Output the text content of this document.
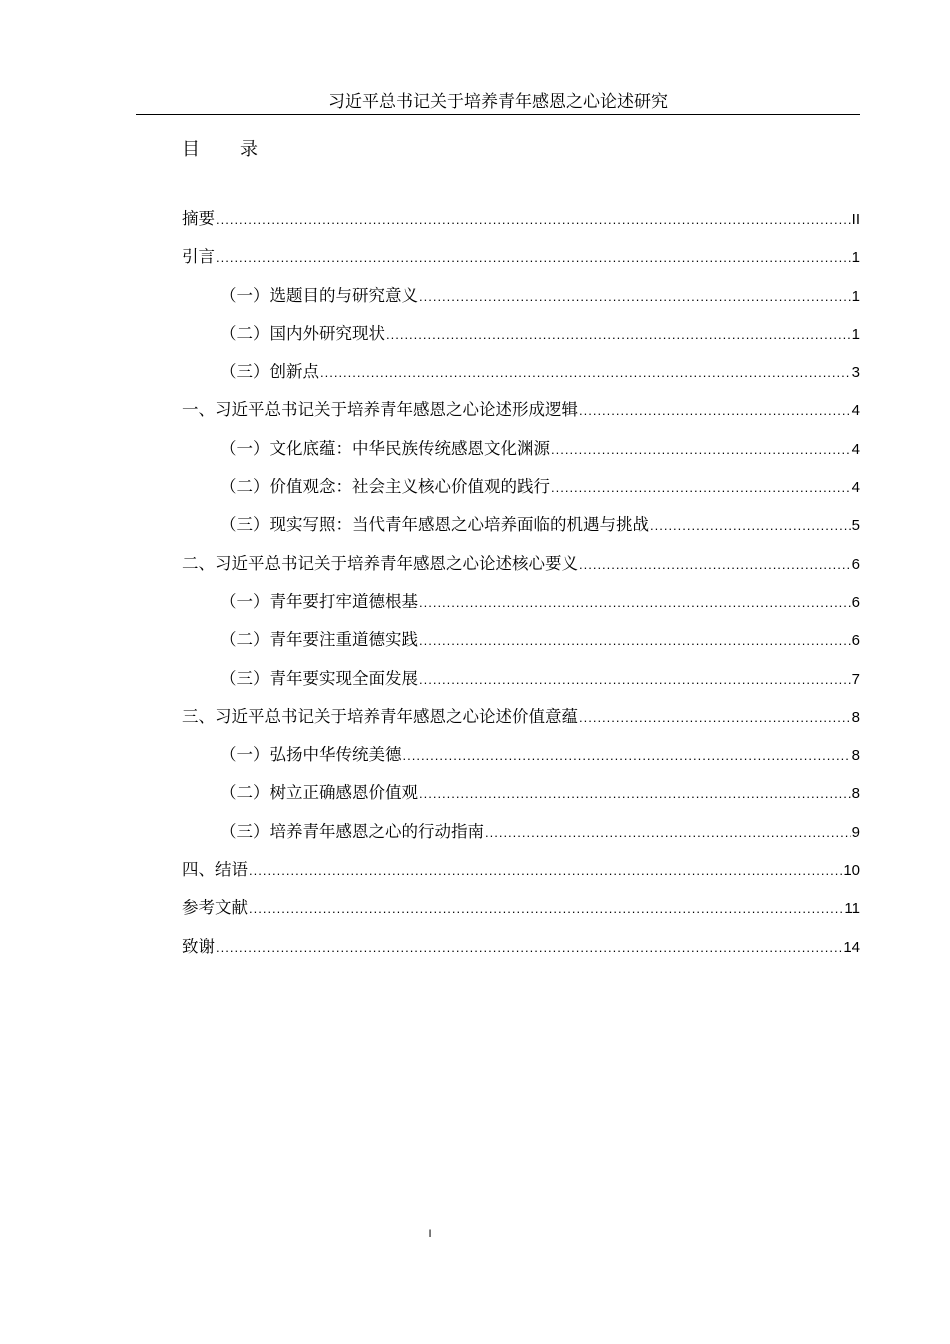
习近平总书记关于培养青年感恩之心论述研究
目 录
摘要 .....	II
引言 .....	1
（一）选题目的与研究意义 .....	1
（二）国内外研究现状 .....	1
（三）创新点 .....	3
一、习近平总书记关于培养青年感恩之心论述形成逻辑 .....	4
（一）文化底蕴：中华民族传统感恩文化渊源 .....	4
（二）价值观念：社会主义核心价值观的践行 .....	4
（三）现实写照：当代青年感恩之心培养面临的机遇与挑战 .....	5
二、习近平总书记关于培养青年感恩之心论述核心要义 .....	6
（一）青年要打牢道德根基 .....	6
（二）青年要注重道德实践 .....	6
（三）青年要实现全面发展 .....	7
三、习近平总书记关于培养青年感恩之心论述价值意蕴 .....	8
（一）弘扬中华传统美德 .....	8
（二）树立正确感恩价值观 .....	8
（三）培养青年感恩之心的行动指南 .....	9
四、结语 .....	10
参考文献 .....	11
致谢 .....	14
I
